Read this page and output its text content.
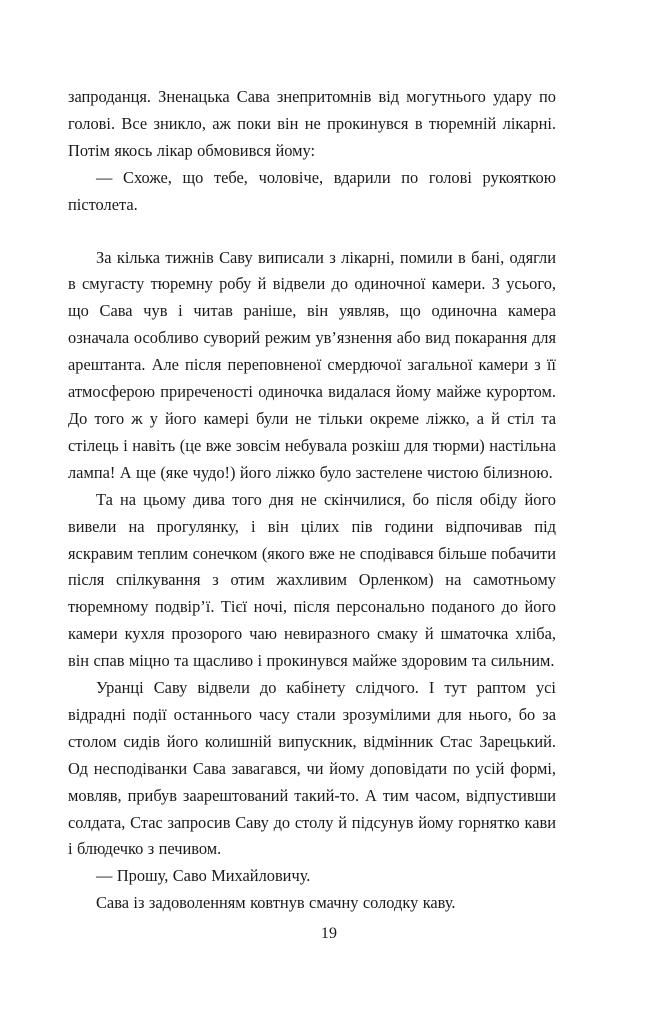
запроданця. Зненацька Сава знепритомнів від могутнього удару по голові. Все зникло, аж поки він не прокинувся в тюремній лікарні. Потім якось лікар обмовився йому:

— Схоже, що тебе, чоловіче, вдарили по голові рукояткою пістолета.

За кілька тижнів Саву виписали з лікарні, помили в бані, одягли в смугасту тюремну робу й відвели до одиночної камери. З усього, що Сава чув і читав раніше, він уявляв, що одиночна камера означала особливо суворий режим ув’язнення або вид покарання для арештанта. Але після переповненої смердючої загальної камери з її атмосферою приреченості одиночка видалася йому майже курортом. До того ж у його камері були не тільки окреме ліжко, а й стіл та стілець і навіть (це вже зовсім небувала розкіш для тюрми) настільна лампа! А ще (яке чудо!) його ліжко було застелене чистою білизною.

Та на цьому дива того дня не скінчилися, бо після обіду його вивели на прогулянку, і він цілих пів години відпочивав під яскравим теплим сонечком (якого вже не сподівався більше побачити після спілкування з отим жахливим Орленком) на самотньому тюремному подвір’ї. Тієї ночі, після персонально поданого до його камери кухля прозорого чаю невиразного смаку й шматочка хліба, він спав міцно та щасливо і прокинувся майже здоровим та сильним.

Уранці Саву відвели до кабінету слідчого. І тут раптом усі відрадні події останнього часу стали зрозумілими для нього, бо за столом сидів його колишній випускник, відмінник Стас Зарецький. Од несподіванки Сава завагався, чи йому доповідати по усій формі, мовляв, прибув заарештований такий-то. А тим часом, відпустивши солдата, Стас запросив Саву до столу й підсунув йому горнятко кави і блюдечко з печивом.

— Прошу, Саво Михайловичу.

Сава із задоволенням ковтнув смачну солодку каву.

19
